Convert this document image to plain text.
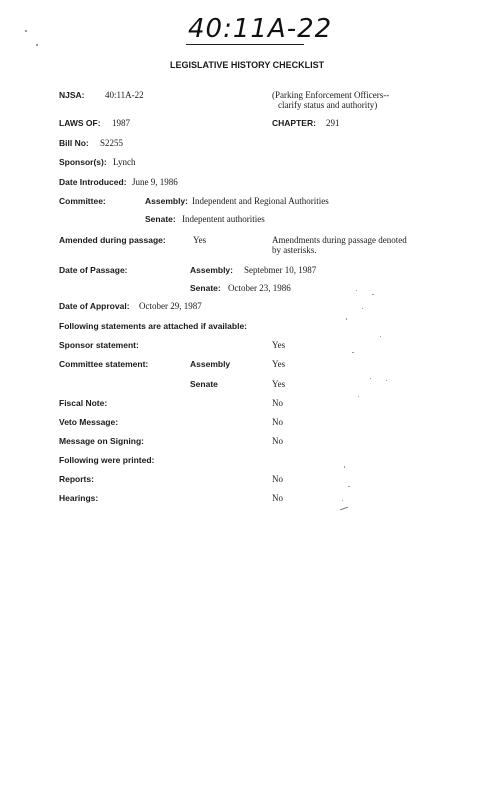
40:11A-22
LEGISLATIVE HISTORY CHECKLIST
NJSA: 40:11A-22	(Parking Enforcement Officers--
clarify status and authority)
LAWS OF: 1987	CHAPTER: 291
Bill No: S2255
Sponsor(s): Lynch
Date Introduced: June 9, 1986
Committee:	Assembly: Independent and Regional Authorities
Senate: Indepentent authorities
Amended during passage:	Yes	Amendments during passage denoted
by asterisks.
Date of Passage:	Assembly: Septebmer 10, 1987
Senate: October 23, 1986
Date of Approval: October 29, 1987
Following statements are attached if available:
Sponsor statement:	Yes
Committee statement:	Assembly	Yes
Senate	Yes
Fiscal Note:	No
Veto Message:	No
Message on Signing:	No
Following were printed:
Reports:	No
Hearings:	No
